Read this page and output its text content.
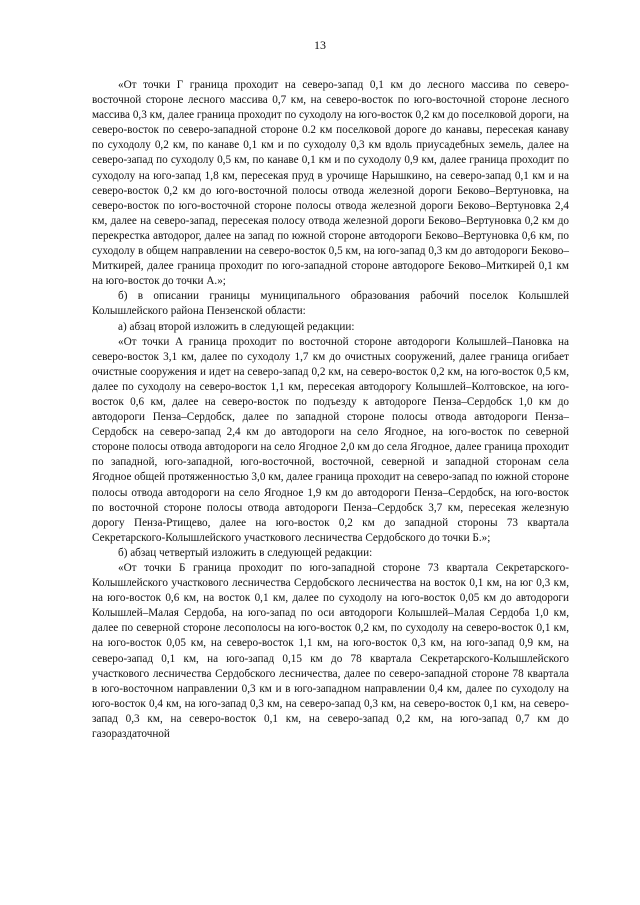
13

«От точки Г граница проходит на северо-запад 0,1 км до лесного массива по северо-восточной стороне лесного массива 0,7 км, на северо-восток по юго-восточной стороне лесного массива 0,3 км, далее граница проходит по суходолу на юго-восток 0,2 км до поселковой дороги, на северо-восток по северо-западной стороне 0.2 км поселковой дороге до канавы, пересекая канаву по суходолу 0,2 км, по канаве 0,1 км и по суходолу 0,3 км вдоль приусадебных земель, далее на северо-запад по суходолу 0,5 км, по канаве 0,1 км и по суходолу 0,9 км, далее граница проходит по суходолу на юго-запад 1,8 км, пересекая пруд в урочище Нарышкино, на северо-запад 0,1 км и на северо-восток 0,2 км до юго-восточной полосы отвода железной дороги Беково–Вертуновка, на северо-восток по юго-восточной стороне полосы отвода железной дороги Беково–Вертуновка 2,4 км, далее на северо-запад, пересекая полосу отвода железной дороги Беково–Вертуновка 0,2 км до перекрестка автодорог, далее на запад по южной стороне автодороги Беково–Вертуновка 0,6 км, по суходолу в общем направлении на северо-восток 0,5 км, на юго-запад 0,3 км до автодороги Беково–Миткирей, далее граница проходит по юго-западной стороне автодороге Беково–Миткирей 0,1 км на юго-восток до точки А.»;

б) в описании границы муниципального образования рабочий поселок Колышлей Колышлейского района Пензенской области:

а) абзац второй изложить в следующей редакции:

«От точки А граница проходит по восточной стороне автодороги Колышлей–Пановка на северо-восток 3,1 км, далее по суходолу 1,7 км до очистных сооружений, далее граница огибает очистные сооружения и идет на северо-запад 0,2 км, на северо-восток 0,2 км, на юго-восток 0,5 км, далее по суходолу на северо-восток 1,1 км, пересекая автодорогу Колышлей–Колтовское, на юго-восток 0,6 км, далее на северо-восток по подъезду к автодороге Пенза–Сердобск 1,0 км до автодороги Пенза–Сердобск, далее по западной стороне полосы отвода автодороги Пенза–Сердобск на северо-запад 2,4 км до автодороги на село Ягодное, на юго-восток по северной стороне полосы отвода автодороги на село Ягодное 2,0 км до села Ягодное, далее граница проходит по западной, юго-западной, юго-восточной, восточной, северной и западной сторонам села Ягодное общей протяженностью 3,0 км, далее граница проходит на северо-запад по южной стороне полосы отвода автодороги на село Ягодное 1,9 км до автодороги Пенза–Сердобск, на юго-восток по восточной стороне полосы отвода автодороги Пенза–Сердобск 3,7 км, пересекая железную дорогу Пенза-Ртищево, далее на юго-восток 0,2 км до западной стороны 73 квартала Секретарского-Колышлейского участкового лесничества Сердобского до точки Б.»;

б) абзац четвертый изложить в следующей редакции:

«От точки Б граница проходит по юго-западной стороне 73 квартала Секретарского-Колышлейского участкового лесничества Сердобского лесничества на восток 0,1 км, на юг 0,3 км, на юго-восток 0,6 км, на восток 0,1 км, далее по суходолу на юго-восток 0,05 км до автодороги Колышлей–Малая Сердоба, на юго-запад по оси автодороги Колышлей–Малая Сердоба 1,0 км, далее по северной стороне лесополосы на юго-восток 0,2 км, по суходолу на северо-восток 0,1 км, на юго-восток 0,05 км, на северо-восток 1,1 км, на юго-восток 0,3 км, на юго-запад 0,9 км, на северо-запад 0,1 км, на юго-запад 0,15 км до 78 квартала Секретарского-Колышлейского участкового лесничества Сердобского лесничества, далее по северо-западной стороне 78 квартала в юго-восточном направлении 0,3 км и в юго-западном направлении 0,4 км, далее по суходолу на юго-восток 0,4 км, на юго-запад 0,3 км, на северо-запад 0,3 км, на северо-восток 0,1 км, на северо-запад 0,3 км, на северо-восток 0,1 км, на северо-запад 0,2 км, на юго-запад 0,7 км до газораздаточной
